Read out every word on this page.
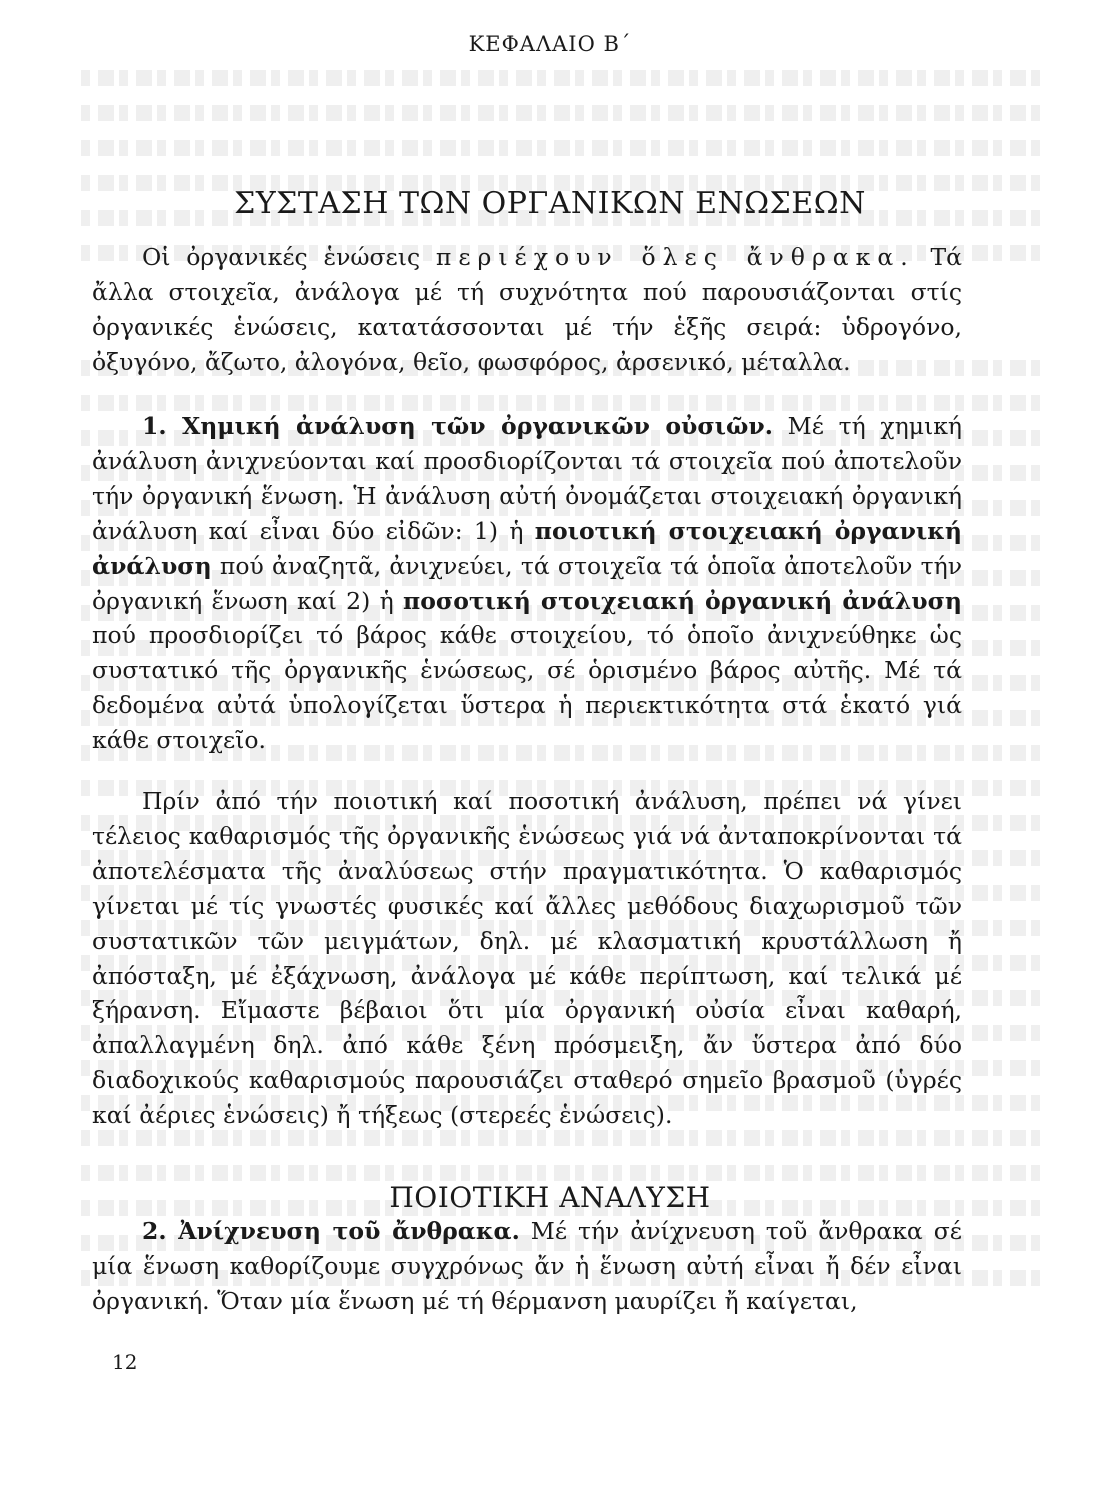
ΚΕΦΑΛΑΙΟ Β΄
ΣΥΣΤΑΣΗ ΤΩΝ ΟΡΓΑΝΙΚΩΝ ΕΝΩΣΕΩΝ

Οἱ ὀργανικές ἑνώσεις περιέχουν ὅλες ἄνθρακα. Τά ἄλλα στοιχεῖα, ἀνάλογα μέ τή συχνότητα πού παρουσιάζονται στίς ὀργανικές ἑνώσεις, κατατάσσονται μέ τήν ἑξῆς σειρά: ὑδρογόνο, ὀξυγόνο, ἄζωτο, ἀλογόνα, θεῖο, φωσφόρος, ἀρσενικό, μέταλλα.

1. Χημική ἀνάλυση τῶν ὀργανικῶν οὐσιῶν. Μέ τή χημική ἀνάλυση ἀνιχνεύονται καί προσδιορίζονται τά στοιχεῖα πού ἀποτελοῦν τήν ὀργανική ἕνωση. Ἡ ἀνάλυση αὐτή ὀνομάζεται στοιχειακή ὀργανική ἀνάλυση καί εἶναι δύο εἰδῶν: 1) ἡ ποιοτική στοιχειακή ὀργανική ἀνάλυση πού ἀναζητᾶ, ἀνιχνεύει, τά στοιχεῖα τά ὁποῖα ἀποτελοῦν τήν ὀργανική ἕνωση καί 2) ἡ ποσοτική στοιχειακή ὀργανική ἀνάλυση πού προσδιορίζει τό βάρος κάθε στοιχείου, τό ὁποῖο ἀνιχνεύθηκε ὡς συστατικό τῆς ὀργανικῆς ἑνώσεως, σέ ὁρισμένο βάρος αὐτῆς. Μέ τά δεδομένα αὐτά ὑπολογίζεται ὕστερα ἡ περιεκτικότητα στά ἑκατό γιά κάθε στοιχεῖο.

Πρίν ἀπό τήν ποιοτική καί ποσοτική ἀνάλυση, πρέπει νά γίνει τέλειος καθαρισμός τῆς ὀργανικῆς ἑνώσεως γιά νά ἀνταποκρίνονται τά ἀποτελέσματα τῆς ἀναλύσεως στήν πραγματικότητα. Ὁ καθαρισμός γίνεται μέ τίς γνωστές φυσικές καί ἄλλες μεθόδους διαχωρισμοῦ τῶν συστατικῶν τῶν μειγμάτων, δηλ. μέ κλασματική κρυστάλλωση ἤ ἀπόσταξη, μέ ἐξάχνωση, ἀνάλογα μέ κάθε περίπτωση, καί τελικά μέ ξήρανση. Εἴμαστε βέβαιοι ὅτι μία ὀργανική οὐσία εἶναι καθαρή, ἀπαλλαγμένη δηλ. ἀπό κάθε ξένη πρόσμειξη, ἄν ὕστερα ἀπό δύο διαδοχικούς καθαρισμούς παρουσιάζει σταθερό σημεῖο βρασμοῦ (ὑγρές καί ἀέριες ἑνώσεις) ἤ τήξεως (στερεές ἑνώσεις).

ΠΟΙΟΤΙΚΗ ΑΝΑΛΥΣΗ

2. Ἀνίχνευση τοῦ ἄνθρακα. Μέ τήν ἀνίχνευση τοῦ ἄνθρακα σέ μία ἕνωση καθορίζουμε συγχρόνως ἄν ἡ ἕνωση αὐτή εἶναι ἤ δέν εἶναι ὀργανική. Ὅταν μία ἕνωση μέ τή θέρμανση μαυρίζει ἤ καίγεται,

12
